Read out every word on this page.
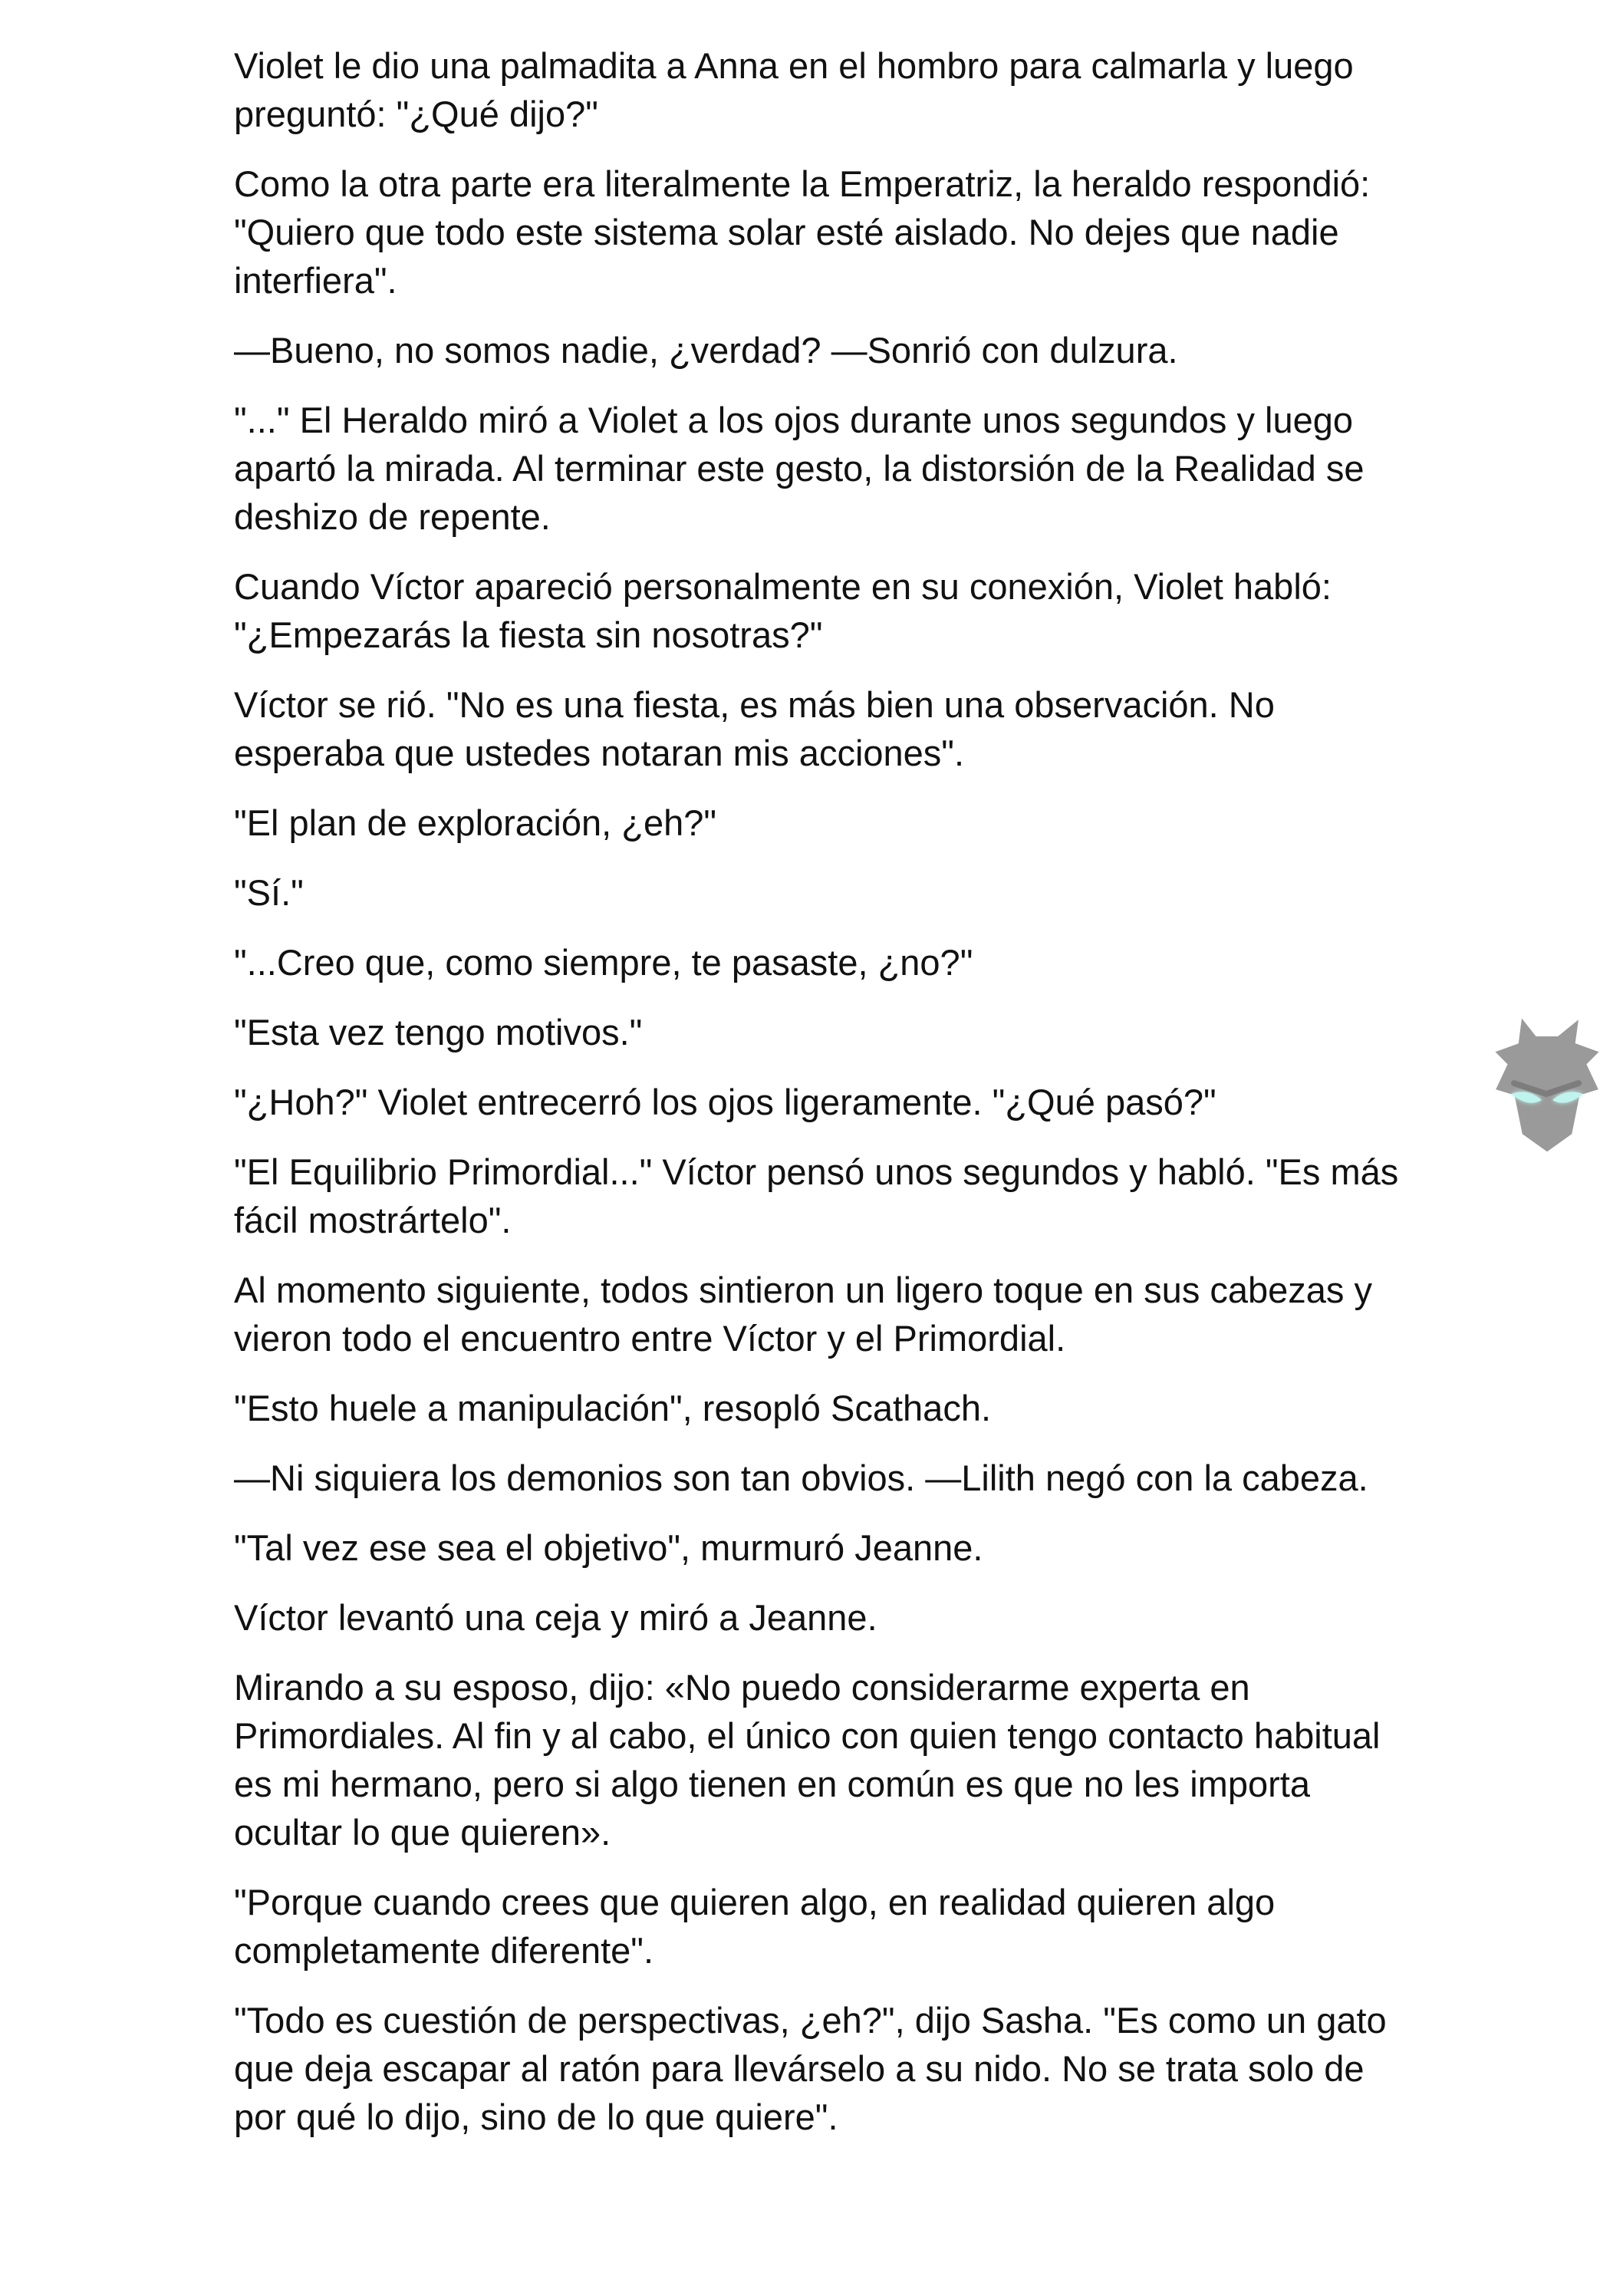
Violet le dio una palmadita a Anna en el hombro para calmarla y luego preguntó: "¿Qué dijo?"

Como la otra parte era literalmente la Emperatriz, la heraldo respondió: "Quiero que todo este sistema solar esté aislado. No dejes que nadie interfiera".

—Bueno, no somos nadie, ¿verdad? —Sonrió con dulzura.

"..." El Heraldo miró a Violet a los ojos durante unos segundos y luego apartó la mirada. Al terminar este gesto, la distorsión de la Realidad se deshizo de repente.

Cuando Víctor apareció personalmente en su conexión, Violet habló: "¿Empezarás la fiesta sin nosotras?"

Víctor se rió. "No es una fiesta, es más bien una observación. No esperaba que ustedes notaran mis acciones".

"El plan de exploración, ¿eh?"

"Sí."

"...Creo que, como siempre, te pasaste, ¿no?"

"Esta vez tengo motivos."

"¿Hoh?" Violet entrecerró los ojos ligeramente. "¿Qué pasó?"

"El Equilibrio Primordial..." Víctor pensó unos segundos y habló. "Es más fácil mostrártelo".

Al momento siguiente, todos sintieron un ligero toque en sus cabezas y vieron todo el encuentro entre Víctor y el Primordial.

"Esto huele a manipulación", resopló Scathach.

—Ni siquiera los demonios son tan obvios. —Lilith negó con la cabeza.

"Tal vez ese sea el objetivo", murmuró Jeanne.

Víctor levantó una ceja y miró a Jeanne.

Mirando a su esposo, dijo: «No puedo considerarme experta en Primordiales. Al fin y al cabo, el único con quien tengo contacto habitual es mi hermano, pero si algo tienen en común es que no les importa ocultar lo que quieren».

"Porque cuando crees que quieren algo, en realidad quieren algo completamente diferente".

"Todo es cuestión de perspectivas, ¿eh?", dijo Sasha. "Es como un gato que deja escapar al ratón para llevárselo a su nido. No se trata solo de por qué lo dijo, sino de lo que quiere".
